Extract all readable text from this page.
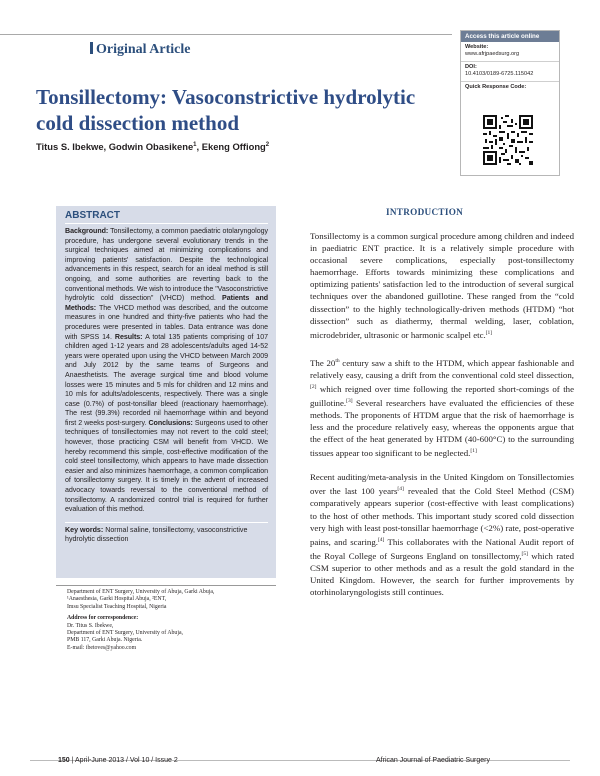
Original Article
Tonsillectomy: Vasoconstrictive hydrolytic
cold dissection method
Titus S. Ibekwe, Godwin Obasikene$^1$, Ekeng Offiong$^2$
Access this article online
Website:
www.afrjpaedsurg.org
DOI:
10.4103/0189-6725.115042
Quick Response Code:
ABSTRACT
Background: Tonsillectomy, a common paediatric otolaryngology procedure, has undergone several evolutionary trends in the surgical techniques aimed at minimizing complications and improving patients' satisfaction. Despite the technological advancements in this respect, search for an ideal method is still ongoing, and some authorities are reverting back to the conventional methods. We wish to introduce the "Vasoconstrictive hydrolytic cold dissection" (VHCD) method. Patients and Methods: The VHCD method was described, and the outcome measures in one hundred and thirty-five patients who had the procedures were presented in tables. Data entrance was done with SPSS 14. Results: A total 135 patients comprising of 107 children aged 1-12 years and 28 adolescents/adults aged 14-52 years were operated upon using the VHCD between March 2009 and July 2012 by the same teams of Surgeons and Anaesthetists. The average surgical time and blood volume losses were 15 minutes and 5 mls for children and 12 mins and 10 mls for adults/adolescents, respectively. There was a single case (0.7%) of post-tonsillar bleed (reactionary haemorrhage). The rest (99.3%) recorded nil haemorrhage within and beyond first 2 weeks post-surgery. Conclusions: Surgeons used to other techniques of tonsillectomies may not revert to the cold steel; however, those practicing CSM will benefit from VHCD. We hereby recommend this simple, cost-effective modification of the cold steel tonsillectomy, which appears to have made dissection easier and also minimizes haemorrhage, a common complication of tonsillectomy surgery. It is timely in the advent of increased advocacy towards reversal to the conventional method of tonsillectomy. A randomized control trial is required for further evaluation of this method.
Key words: Normal saline, tonsillectomy, vasoconstrictive hydrolytic dissection
Department of ENT Surgery, University of Abuja, Garki Abuja,
¹Anaesthesia, Garki Hospital Abuja, ²ENT,
Imsu Specialist Teaching Hospital, Nigeria
Address for correspondence:
Dr. Titus S. Ibekwe,
Department of ENT Surgery, University of Abuja,
PMB 117, Garki Abuja. Nigeria.
E-mail: ibetoves@yahoo.com
INTRODUCTION

Tonsillectomy is a common surgical procedure among children and indeed in paediatric ENT practice. It is a relatively simple procedure with occasional severe complications, especially post-tonsillectomy haemorrhage. Efforts towards minimizing these complications and optimizing patients' satisfaction led to the introduction of several surgical techniques over the abandoned guillotine. These ranged from the “cold dissection” to the highly technologically-driven methods (HTDM) “hot dissection” such as diathermy, thermal welding, laser, coblation, microdebrider, ultrasonic or harmonic scalpel etc.[1]

The 20th century saw a shift to the HTDM, which appear fashionable and relatively easy, causing a drift from the conventional cold steel dissection,[2] which reigned over time following the reported short-comings of the guillotine.[3] Several researchers have evaluated the efficiencies of these methods. The proponents of HTDM argue that the risk of haemorrhage is less and the procedure relatively easy, whereas the opponents argue that the effect of the heat generated by HTDM (40-600°C) to the surrounding tissues appear too significant to be neglected.[1]

Recent auditing/meta-analysis in the United Kingdom on Tonsillectomies over the last 100 years[4] revealed that the Cold Steel Method (CSM) comparatively appears superior (cost-effective with least complications) to the host of other methods. This important study scored cold dissection very high with least post-tonsillar haemorrhage (<2%) rate, post-operative pains, and scaring.[4] This collaborates with the National Audit report of the Royal College of Surgeons England on tonsillectomy,[5] which rated CSM superior to other methods and as a result the gold standard in the United Kingdom. However, the search for further improvements by otorhinolaryngologists still continues.

150 | April-June 2013 / Vol 10 / Issue 2	African Journal of Paediatric Surgery
